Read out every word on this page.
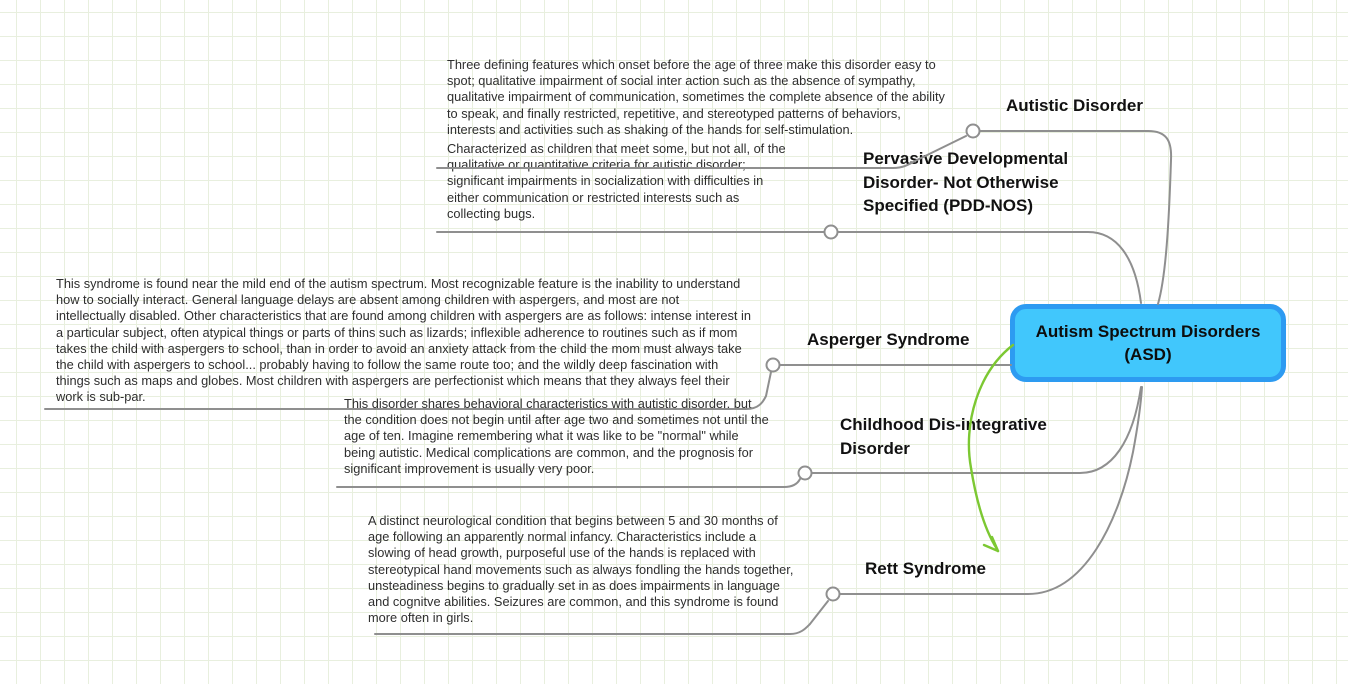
Three defining features which onset before the age of three make this disorder easy to spot; qualitative impairment of social inter action such as the absence of sympathy, qualitative impairment of communication, sometimes the complete absence of the ability to speak, and finally restricted, repetitive, and stereotyped patterns of behaviors, interests and activities such as shaking of the hands for self-stimulation.
Characterized as children that meet some, but not all, of the qualitative or quantitative criteria for autistic disorder; significant impairments in socialization with difficulties in either communication or restricted interests such as collecting bugs.
This syndrome is found near the mild end of the autism spectrum. Most recognizable feature is the inability to understand how to socially interact. General language delays are absent among children with aspergers, and most are not intellectually disabled. Other characteristics that are found among children with aspergers are as follows: intense interest in a particular subject, often atypical things or parts of thins such as lizards; inflexible adherence to routines such as if mom takes the child with aspergers to school, than in order to avoid an anxiety attack from the child the mom must always take the child with aspergers to school... probably having to follow the same route too; and the wildly deep fascination with things such as maps and globes. Most children with aspergers are perfectionist which means that they always feel their work is sub-par.	This disorder shares behavioral characteristics with autistic disorder, but the condition does not begin until after age two and sometimes not until the age of ten. Imagine remembering what it was like to be "normal" while being autistic. Medical complications are common, and the prognosis for significant improvement is usually very poor.
A distinct neurological condition that begins between 5 and 30 months of age following an apparently normal infancy. Characteristics include a slowing of head growth, purposeful use of the hands is replaced with stereotypical hand movements such as always fondling the hands together, unsteadiness begins to gradually set in as does impairments in language and cognitve abilities. Seizures are common, and this syndrome is found more often in girls.
Autistic Disorder
Pervasive Developmental Disorder- Not Otherwise Specified (PDD-NOS)
Asperger Syndrome
Childhood Dis-integrative Disorder
Rett Syndrome
Autism Spectrum Disorders (ASD)
